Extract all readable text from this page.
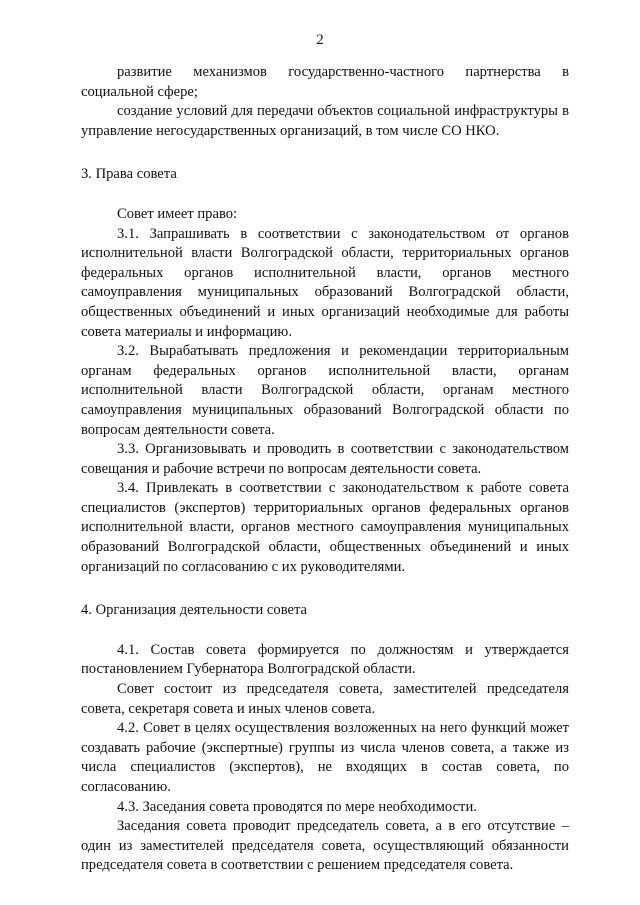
2

развитие механизмов государственно-частного партнерства в социальной сфере;

создание условий для передачи объектов социальной инфраструктуры в управление негосударственных организаций, в том числе СО НКО.

3. Права совета

Совет имеет право:

3.1. Запрашивать в соответствии с законодательством от органов исполнительной власти Волгоградской области, территориальных органов федеральных органов исполнительной власти, органов местного самоуправления муниципальных образований Волгоградской области, общественных объединений и иных организаций необходимые для работы совета материалы и информацию.

3.2. Вырабатывать предложения и рекомендации территориальным органам федеральных органов исполнительной власти, органам исполнительной власти Волгоградской области, органам местного самоуправления муниципальных образований Волгоградской области по вопросам деятельности совета.

3.3. Организовывать и проводить в соответствии с законодательством совещания и рабочие встречи по вопросам деятельности совета.

3.4. Привлекать в соответствии с законодательством к работе совета специалистов (экспертов) территориальных органов федеральных органов исполнительной власти, органов местного самоуправления муниципальных образований Волгоградской области, общественных объединений и иных организаций по согласованию с их руководителями.

4. Организация деятельности совета

4.1. Состав совета формируется по должностям и утверждается постановлением Губернатора Волгоградской области.

Совет состоит из председателя совета, заместителей председателя совета, секретаря совета и иных членов совета.

4.2. Совет в целях осуществления возложенных на него функций может создавать рабочие (экспертные) группы из числа членов совета, а также из числа специалистов (экспертов), не входящих в состав совета, по согласованию.

4.3. Заседания совета проводятся по мере необходимости.

Заседания совета проводит председатель совета, а в его отсутствие – один из заместителей председателя совета, осуществляющий обязанности председателя совета в соответствии с решением председателя совета.
